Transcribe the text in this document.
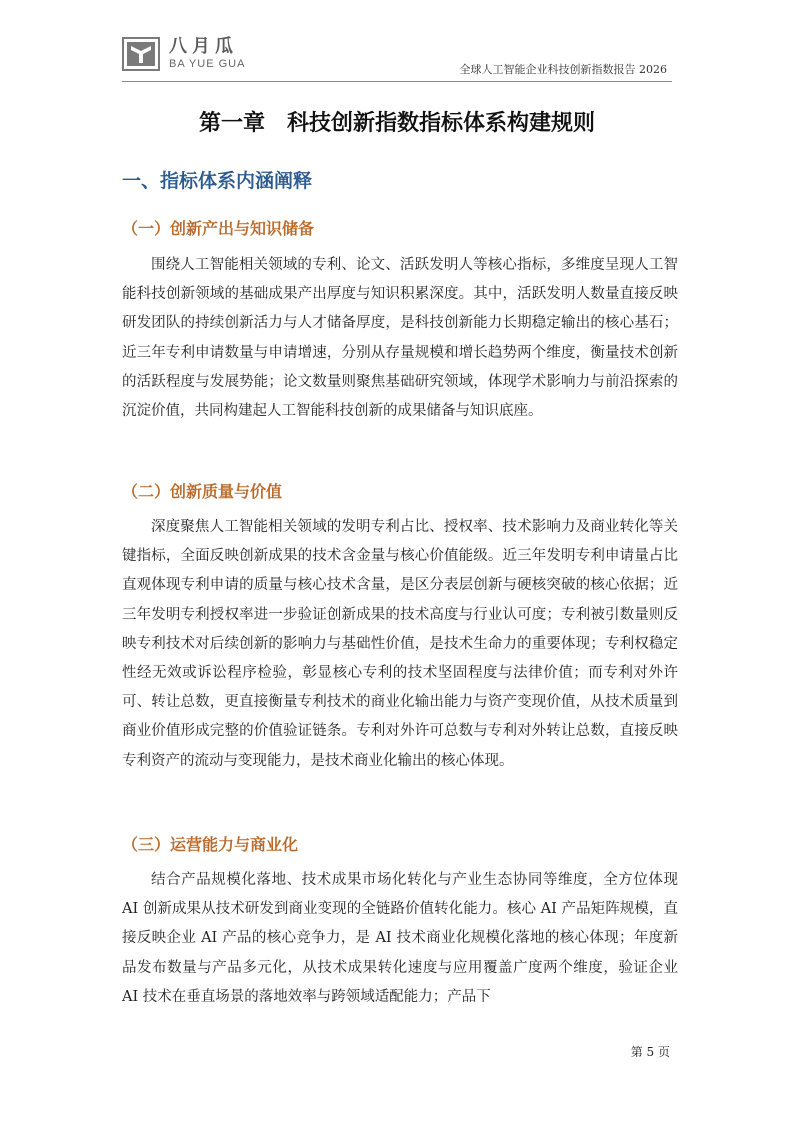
八月瓜
BA YUE GUA	全球人工智能企业科技创新指数报告 2026
第一章　科技创新指数指标体系构建规则
一、指标体系内涵阐释
（一）创新产出与知识储备

围绕人工智能相关领域的专利、论文、活跃发明人等核心指标，多维度呈现人工智能科技创新领域的基础成果产出厚度与知识积累深度。其中，活跃发明人数量直接反映研发团队的持续创新活力与人才储备厚度，是科技创新能力长期稳定输出的核心基石；近三年专利申请数量与申请增速，分别从存量规模和增长趋势两个维度，衡量技术创新的活跃程度与发展势能；论文数量则聚焦基础研究领域，体现学术影响力与前沿探索的沉淀价值，共同构建起人工智能科技创新的成果储备与知识底座。

（二）创新质量与价值

深度聚焦人工智能相关领域的发明专利占比、授权率、技术影响力及商业转化等关键指标，全面反映创新成果的技术含金量与核心价值能级。近三年发明专利申请量占比直观体现专利申请的质量与核心技术含量，是区分表层创新与硬核突破的核心依据；近三年发明专利授权率进一步验证创新成果的技术高度与行业认可度；专利被引数量则反映专利技术对后续创新的影响力与基础性价值，是技术生命力的重要体现；专利权稳定性经无效或诉讼程序检验，彰显核心专利的技术坚固程度与法律价值；而专利对外许可、转让总数，更直接衡量专利技术的商业化输出能力与资产变现价值，从技术质量到商业价值形成完整的价值验证链条。专利对外许可总数与专利对外转让总数，直接反映专利资产的流动与变现能力，是技术商业化输出的核心体现。

（三）运营能力与商业化

结合产品规模化落地、技术成果市场化转化与产业生态协同等维度，全方位体现 AI 创新成果从技术研发到商业变现的全链路价值转化能力。核心 AI 产品矩阵规模，直接反映企业 AI 产品的核心竞争力，是 AI 技术商业化规模化落地的核心体现；年度新品发布数量与产品多元化，从技术成果转化速度与应用覆盖广度两个维度，验证企业 AI 技术在垂直场景的落地效率与跨领域适配能力；产品下

第 5 页
